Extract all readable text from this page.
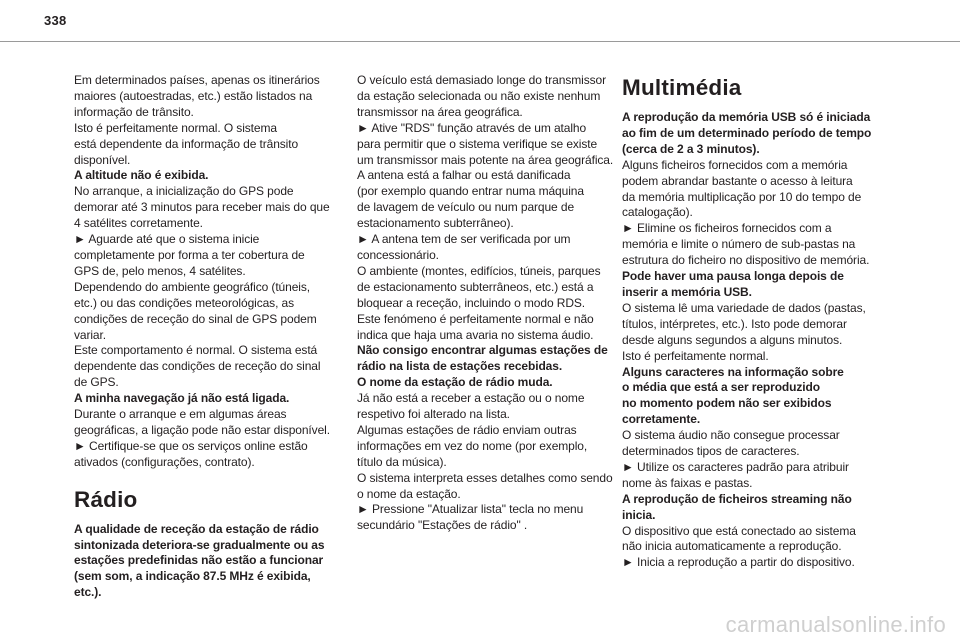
338

Em determinados países, apenas os itinerários

maiores (autoestradas, etc.) estão listados na

informação de trânsito.

Isto é perfeitamente normal. O sistema

está dependente da informação de trânsito

disponível.

A altitude não é exibida.

No arranque, a inicialização do GPS pode

demorar até 3 minutos para receber mais do que

4 satélites corretamente.

► Aguarde até que o sistema inicie

completamente por forma a ter cobertura de

GPS de, pelo menos, 4 satélites.

Dependendo do ambiente geográfico (túneis,

etc.) ou das condições meteorológicas, as

condições de receção do sinal de GPS podem

variar.

Este comportamento é normal. O sistema está

dependente das condições de receção do sinal

de GPS.

A minha navegação já não está ligada.

Durante o arranque e em algumas áreas

geográficas, a ligação pode não estar disponível.

► Certifique-se que os serviços online estão

ativados (configurações, contrato).

Rádio

A qualidade de receção da estação de rádio

sintonizada deteriora-se gradualmente ou as

estações predefinidas não estão a funcionar

(sem som, a indicação 87.5 MHz é exibida,

etc.).

O veículo está demasiado longe do transmissor

da estação selecionada ou não existe nenhum

transmissor na área geográfica.

► Ative "RDS" função através de um atalho

para permitir que o sistema verifique se existe

um transmissor mais potente na área geográfica.

A antena está a falhar ou está danificada

(por exemplo quando entrar numa máquina

de lavagem de veículo ou num parque de

estacionamento subterrâneo).

► A antena tem de ser verificada por um

concessionário.

O ambiente (montes, edifícios, túneis, parques

de estacionamento subterrâneos, etc.) está a

bloquear a receção, incluindo o modo RDS.

Este fenómeno é perfeitamente normal e não

indica que haja uma avaria no sistema áudio.

Não consigo encontrar algumas estações de

rádio na lista de estações recebidas.

O nome da estação de rádio muda.

Já não está a receber a estação ou o nome

respetivo foi alterado na lista.

Algumas estações de rádio enviam outras

informações em vez do nome (por exemplo,

título da música).

O sistema interpreta esses detalhes como sendo

o nome da estação.

► Pressione "Atualizar lista" tecla no menu

secundário "Estações de rádio" .

Multimédia

A reprodução da memória USB só é iniciada

ao fim de um determinado período de tempo

(cerca de 2 a 3 minutos).

Alguns ficheiros fornecidos com a memória

podem abrandar bastante o acesso à leitura

da memória multiplicação por 10 do tempo de

catalogação).

► Elimine os ficheiros fornecidos com a

memória e limite o número de sub-pastas na

estrutura do ficheiro no dispositivo de memória.

Pode haver uma pausa longa depois de

inserir a memória USB.

O sistema lê uma variedade de dados (pastas,

títulos, intérpretes, etc.). Isto pode demorar

desde alguns segundos a alguns minutos.

Isto é perfeitamente normal.

Alguns caracteres na informação sobre

o média que está a ser reproduzido

no momento podem não ser exibidos

corretamente.

O sistema áudio não consegue processar

determinados tipos de caracteres.

► Utilize os caracteres padrão para atribuir

nome às faixas e pastas.

A reprodução de ficheiros streaming não

inicia.

O dispositivo que está conectado ao sistema

não inicia automaticamente a reprodução.

► Inicia a reprodução a partir do dispositivo.

carmanualsonline.info
